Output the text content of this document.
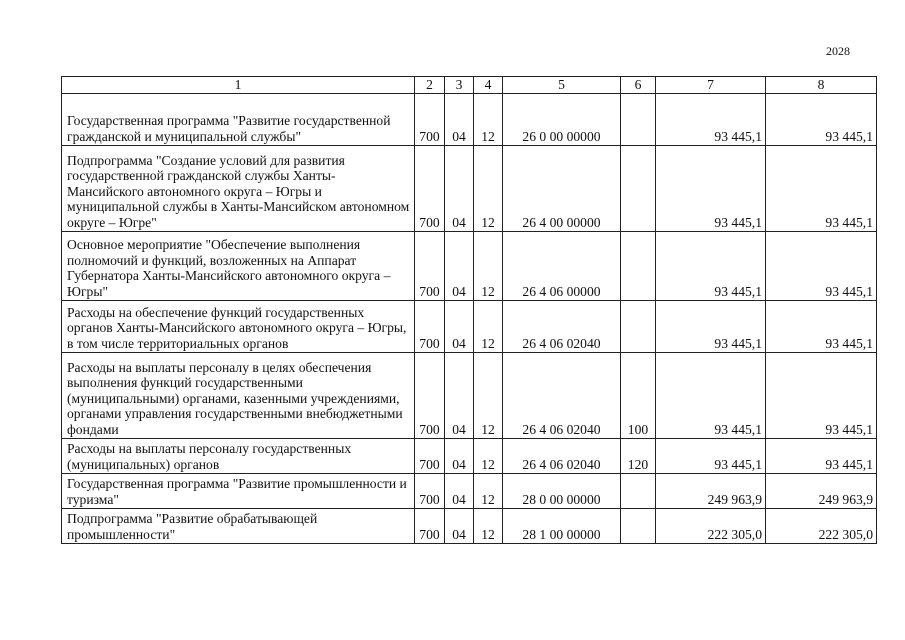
2028
1	2	3	4	5	6	7	8
Государственная программа "Развитие государственной гражданской и муниципальной службы"	700	04	12	26 0 00 00000		93 445,1	93 445,1
Подпрограмма "Создание условий для развития государственной гражданской службы Ханты-Мансийского автономного округа – Югры и муниципальной службы в Ханты-Мансийском автономном округе – Югре"	700	04	12	26 4 00 00000		93 445,1	93 445,1
Основное мероприятие "Обеспечение выполнения полномочий и функций, возложенных на Аппарат Губернатора Ханты-Мансийского автономного округа – Югры"	700	04	12	26 4 06 00000		93 445,1	93 445,1
Расходы на обеспечение функций государственных органов Ханты-Мансийского автономного округа – Югры, в том числе территориальных органов	700	04	12	26 4 06 02040		93 445,1	93 445,1
Расходы на выплаты персоналу в целях обеспечения выполнения функций государственными (муниципальными) органами, казенными учреждениями, органами управления государственными внебюджетными фондами	700	04	12	26 4 06 02040	100	93 445,1	93 445,1
Расходы на выплаты персоналу государственных (муниципальных) органов	700	04	12	26 4 06 02040	120	93 445,1	93 445,1
Государственная программа "Развитие промышленности и туризма"	700	04	12	28 0 00 00000		249 963,9	249 963,9
Подпрограмма "Развитие обрабатывающей промышленности"	700	04	12	28 1 00 00000		222 305,0	222 305,0
